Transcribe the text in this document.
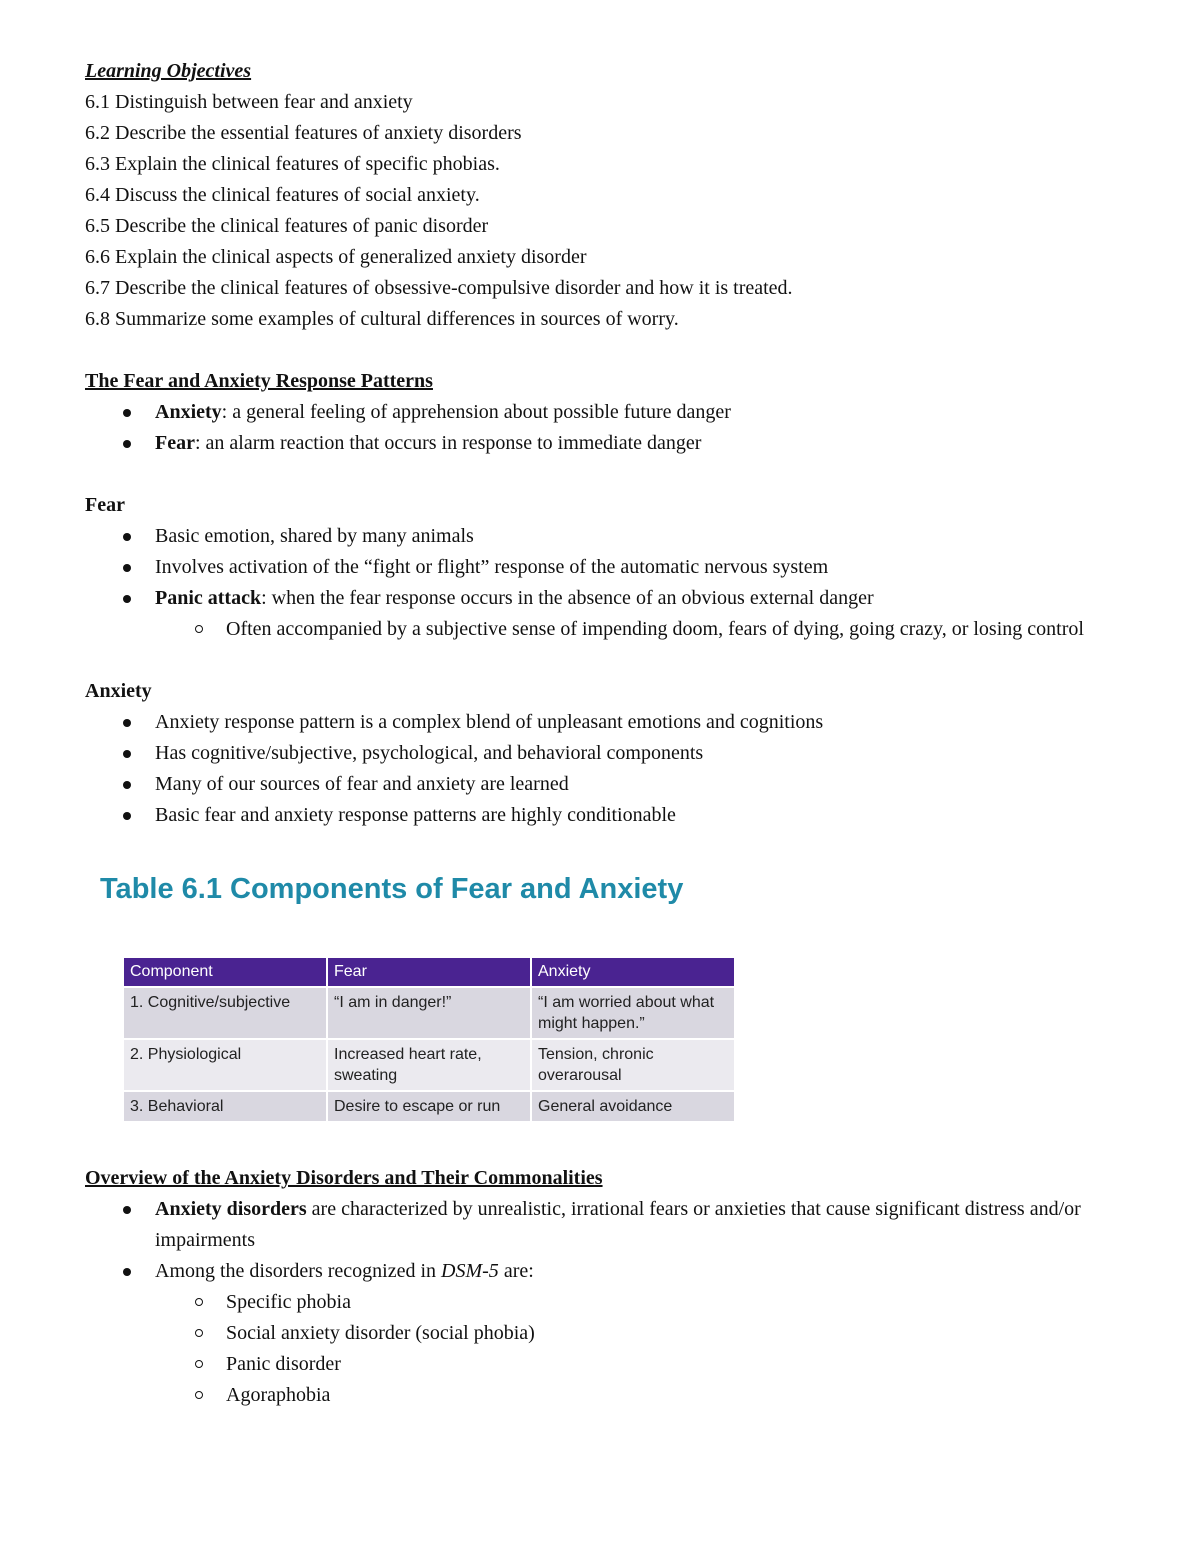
Learning Objectives

6.1 Distinguish between fear and anxiety

6.2 Describe the essential features of anxiety disorders

6.3 Explain the clinical features of specific phobias.

6.4 Discuss the clinical features of social anxiety.

6.5 Describe the clinical features of panic disorder

6.6 Explain the clinical aspects of generalized anxiety disorder

6.7 Describe the clinical features of obsessive-compulsive disorder and how it is treated.

6.8 Summarize some examples of cultural differences in sources of worry.

The Fear and Anxiety Response Patterns

Anxiety: a general feeling of apprehension about possible future danger
Fear: an alarm reaction that occurs in response to immediate danger

Fear

Basic emotion, shared by many animals
Involves activation of the “fight or flight” response of the automatic nervous system
Panic attack: when the fear response occurs in the absence of an obvious external danger
Often accompanied by a subjective sense of impending doom, fears of dying, going crazy, or losing control

Anxiety

Anxiety response pattern is a complex blend of unpleasant emotions and cognitions
Has cognitive/subjective, psychological, and behavioral components
Many of our sources of fear and anxiety are learned
Basic fear and anxiety response patterns are highly conditionable
Table 6.1 Components of Fear and Anxiety
Component	Fear	Anxiety
1. Cognitive/subjective	“I am in danger!”	“I am worried about what might happen.”
2. Physiological	Increased heart rate, sweating	Tension, chronic overarousal
3. Behavioral	Desire to escape or run	General avoidance

Overview of the Anxiety Disorders and Their Commonalities

Anxiety disorders are characterized by unrealistic, irrational fears or anxieties that cause significant distress and/or impairments
Among the disorders recognized in DSM-5 are:
Specific phobia
Social anxiety disorder (social phobia)
Panic disorder
Agoraphobia
